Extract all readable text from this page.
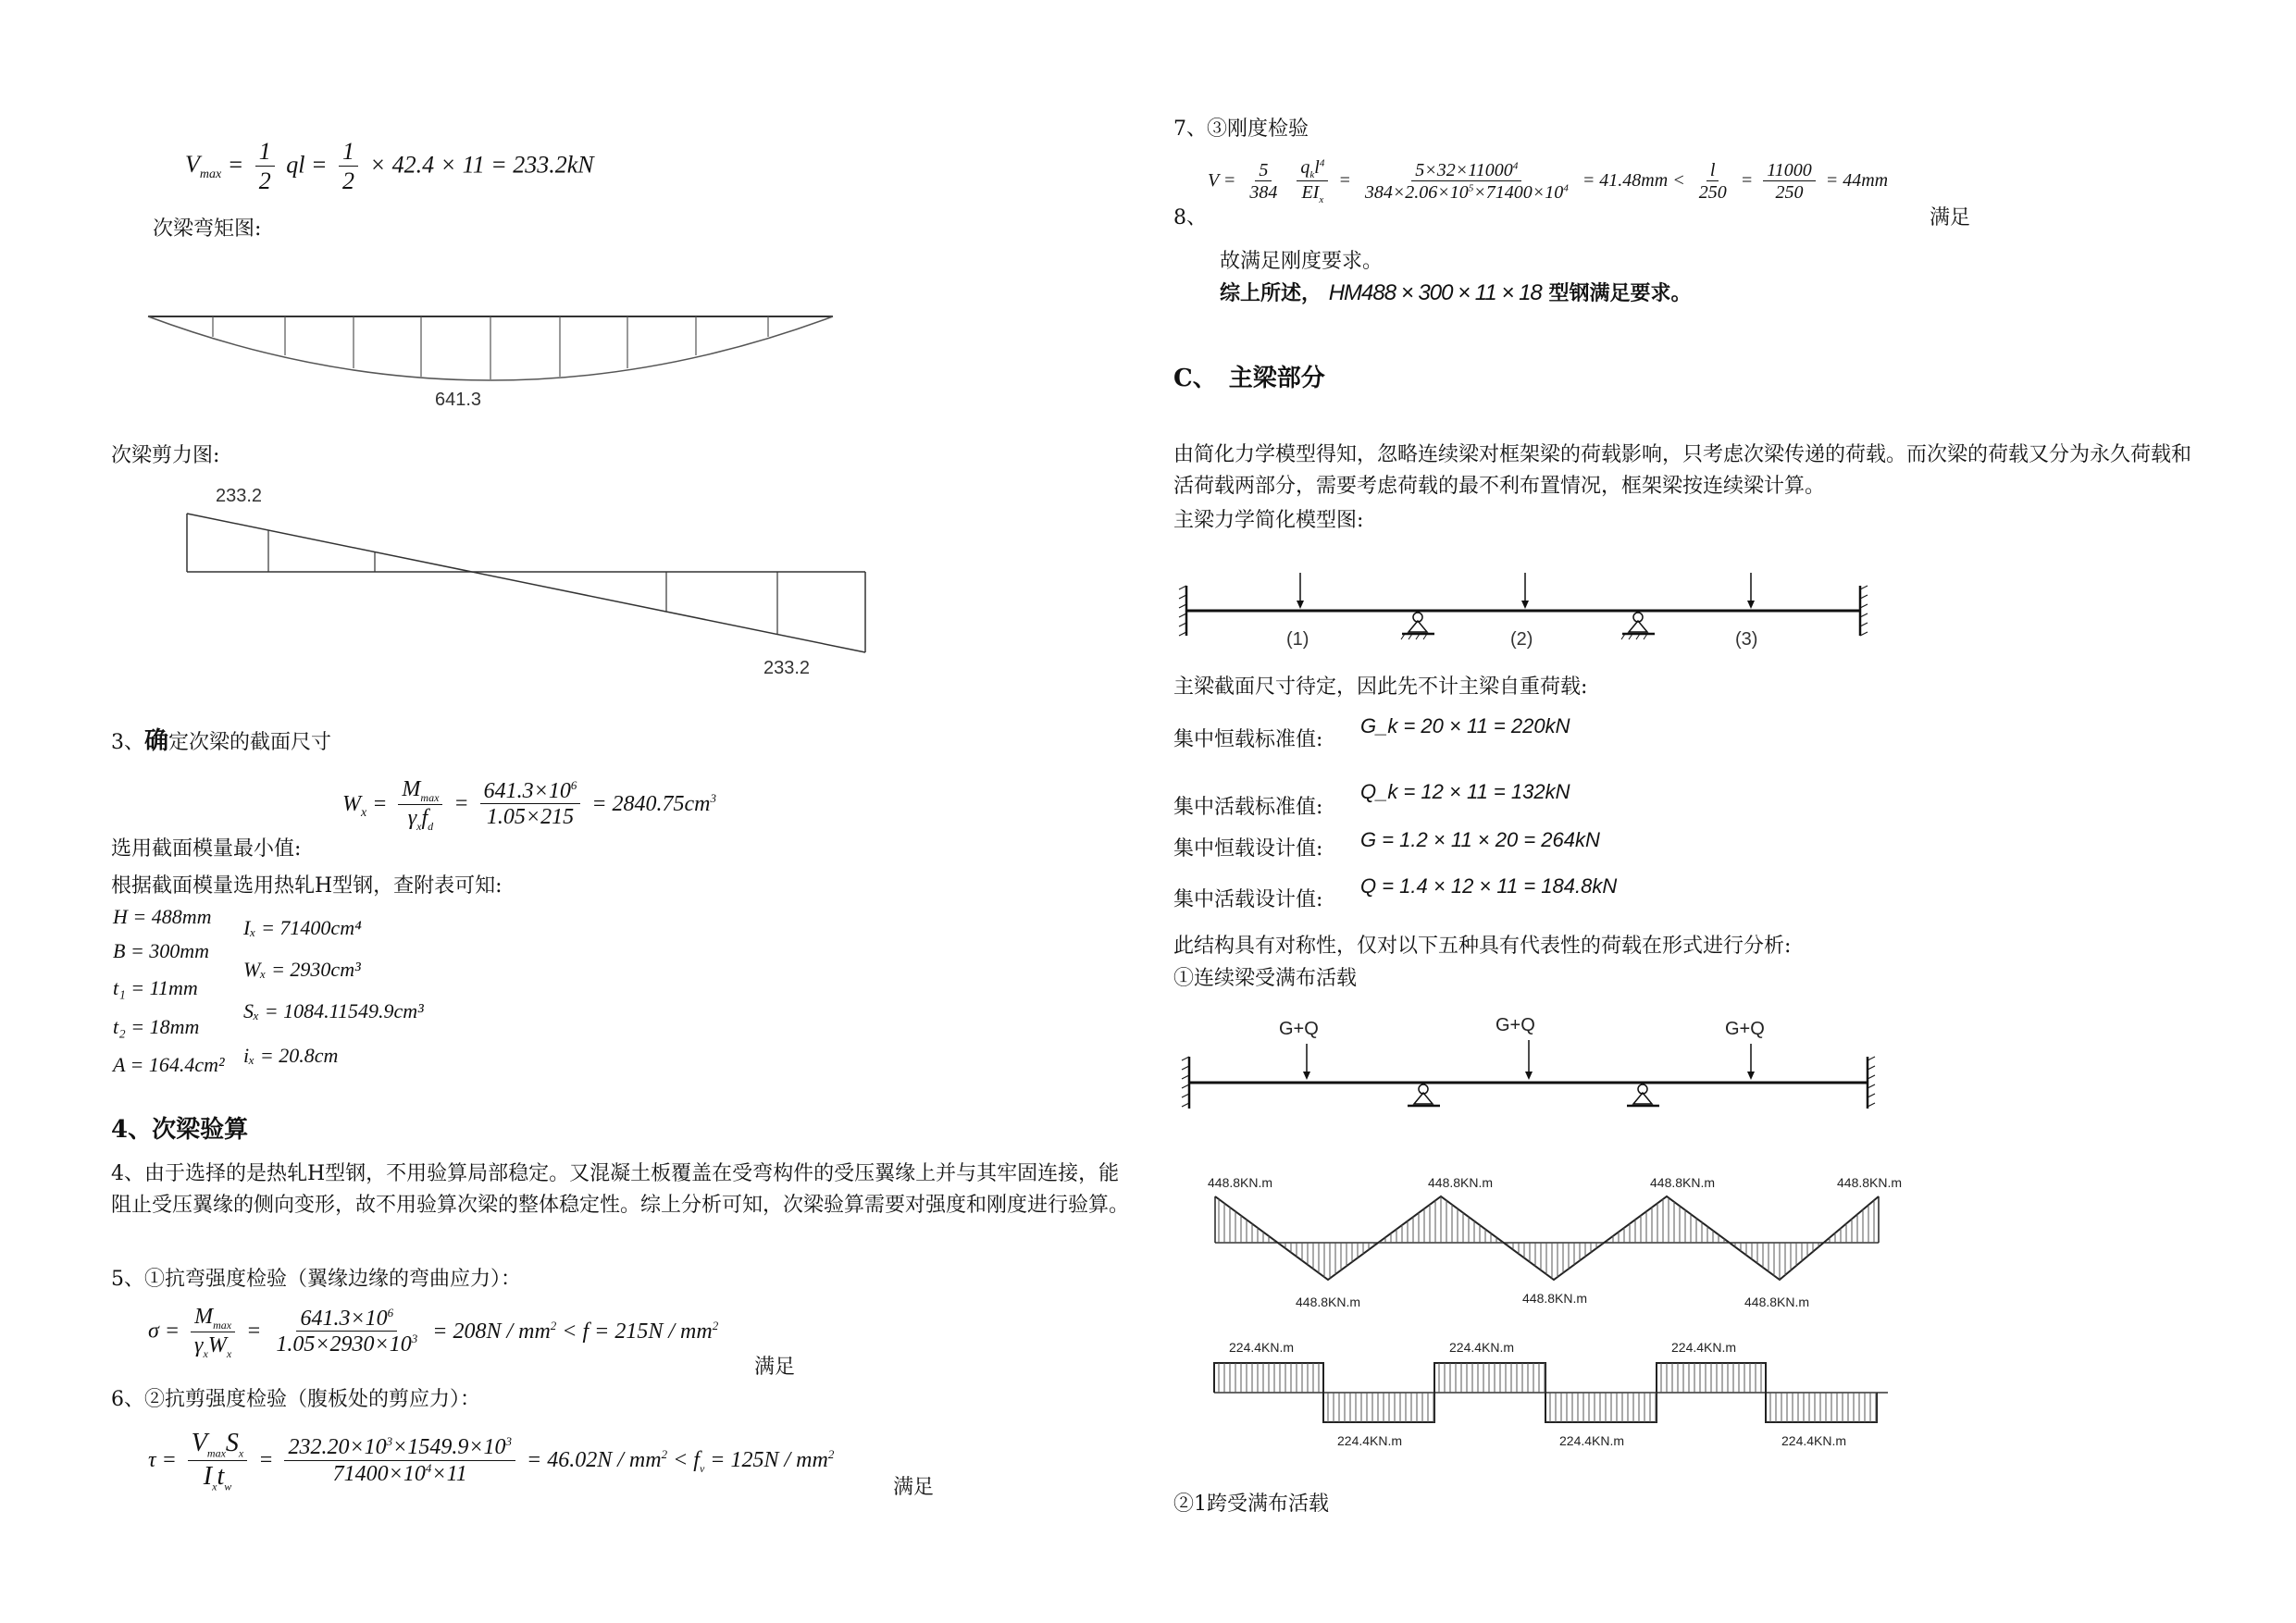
$V_{max} = \frac{1}{2}$ ql = $\frac{1}{2} \times 42.4 \times 11 = 233.2kN$
次梁弯矩图:
641.3
次梁剪力图:
233.2
233.2
3、确定次梁的截面尺寸
$W_x = \frac{M_{max}}{\gamma_xf_d} = \frac{641.3\times 10^6}{1.05\times 215} = 2840.75cm^3$
选用截面模量最小值:
根据截面模量选用热轧H型钢，查附表可知:
H = 488mm
B = 300mm
t₁ = 11mm
t₂ = 18mm
A = 164.4cm²
Iₓ = 71400cm⁴
Wₓ = 2930cm³
Sₓ = 1084.11549.9cm³
iₓ = 20.8cm
4、次梁验算
4、由于选择的是热轧H型钢，不用验算局部稳定。又混凝土板覆盖在受弯构件的受压翼缘上并与其牢固连接，能阻止受压翼缘的侧向变形，故不用验算次梁的整体稳定性。综上分析可知，次梁验算需要对强度和刚度进行验算。
5、①抗弯强度检验（翼缘边缘的弯曲应力）：
$\sigma = \frac{M_{max}}{\gamma_xW_x} = \frac{641.3\times 10^6}{1.05\times 2930\times 10^3} = 208N / mm^2 < f = 215N / mm^2$
满足
6、②抗剪强度检验（腹板处的剪应力）：
$\tau = \frac{V_{max}S_x}{I_xt_w} = \frac{232.20\times 10^3\times 1549.9\times 10^3}{71400\times 10^4\times 11} = 46.02N / mm^2 < f_v = 125N / mm^2$
满足
7、③刚度检验
8、
$V = \frac{5}{384}$
$\frac{q_kl^4}{EI_x} = \frac{5\times 32\times 11000^4}{384\times 2.06\times 10^5\times 71400\times 10^4} = 41.48mm < \frac{l}{250} = \frac{11000}{250} = 44mm$
满足
故满足刚度要求。
综上所述， HM488 × 300 × 11 × 18 型钢满足要求。
C、　主梁部分
由简化力学模型得知，忽略连续梁对框架梁的荷载影响，只考虑次梁传递的荷载。而次梁的荷载又分为永久荷载和活荷载两部分，需要考虑荷载的最不利布置情况，框架梁按连续梁计算。
主梁力学简化模型图:
(1)	(2)	(3)
主梁截面尺寸待定，因此先不计主梁自重荷载:
集中恒载标准值:
G_k = 20 × 11 = 220kN
集中活载标准值:
Q_k = 12 × 11 = 132kN
集中恒载设计值: G = 1.2 × 11 × 20 = 264kN
集中活载设计值:
Q = 1.4 × 12 × 11 = 184.8kN
此结构具有对称性，仅对以下五种具有代表性的荷载在形式进行分析:
①连续梁受满布活载
G+Q	G+Q	G+Q
448.8KN.m
448.8KN.m
448.8KN.m
448.8KN.m
448.8KN.m
448.8KN.m
448.8KN.m
224.4KN.m	224.4KN.m	224.4KN.m
224.4KN.m	224.4KN.m	224.4KN.m
②1跨受满布活载
